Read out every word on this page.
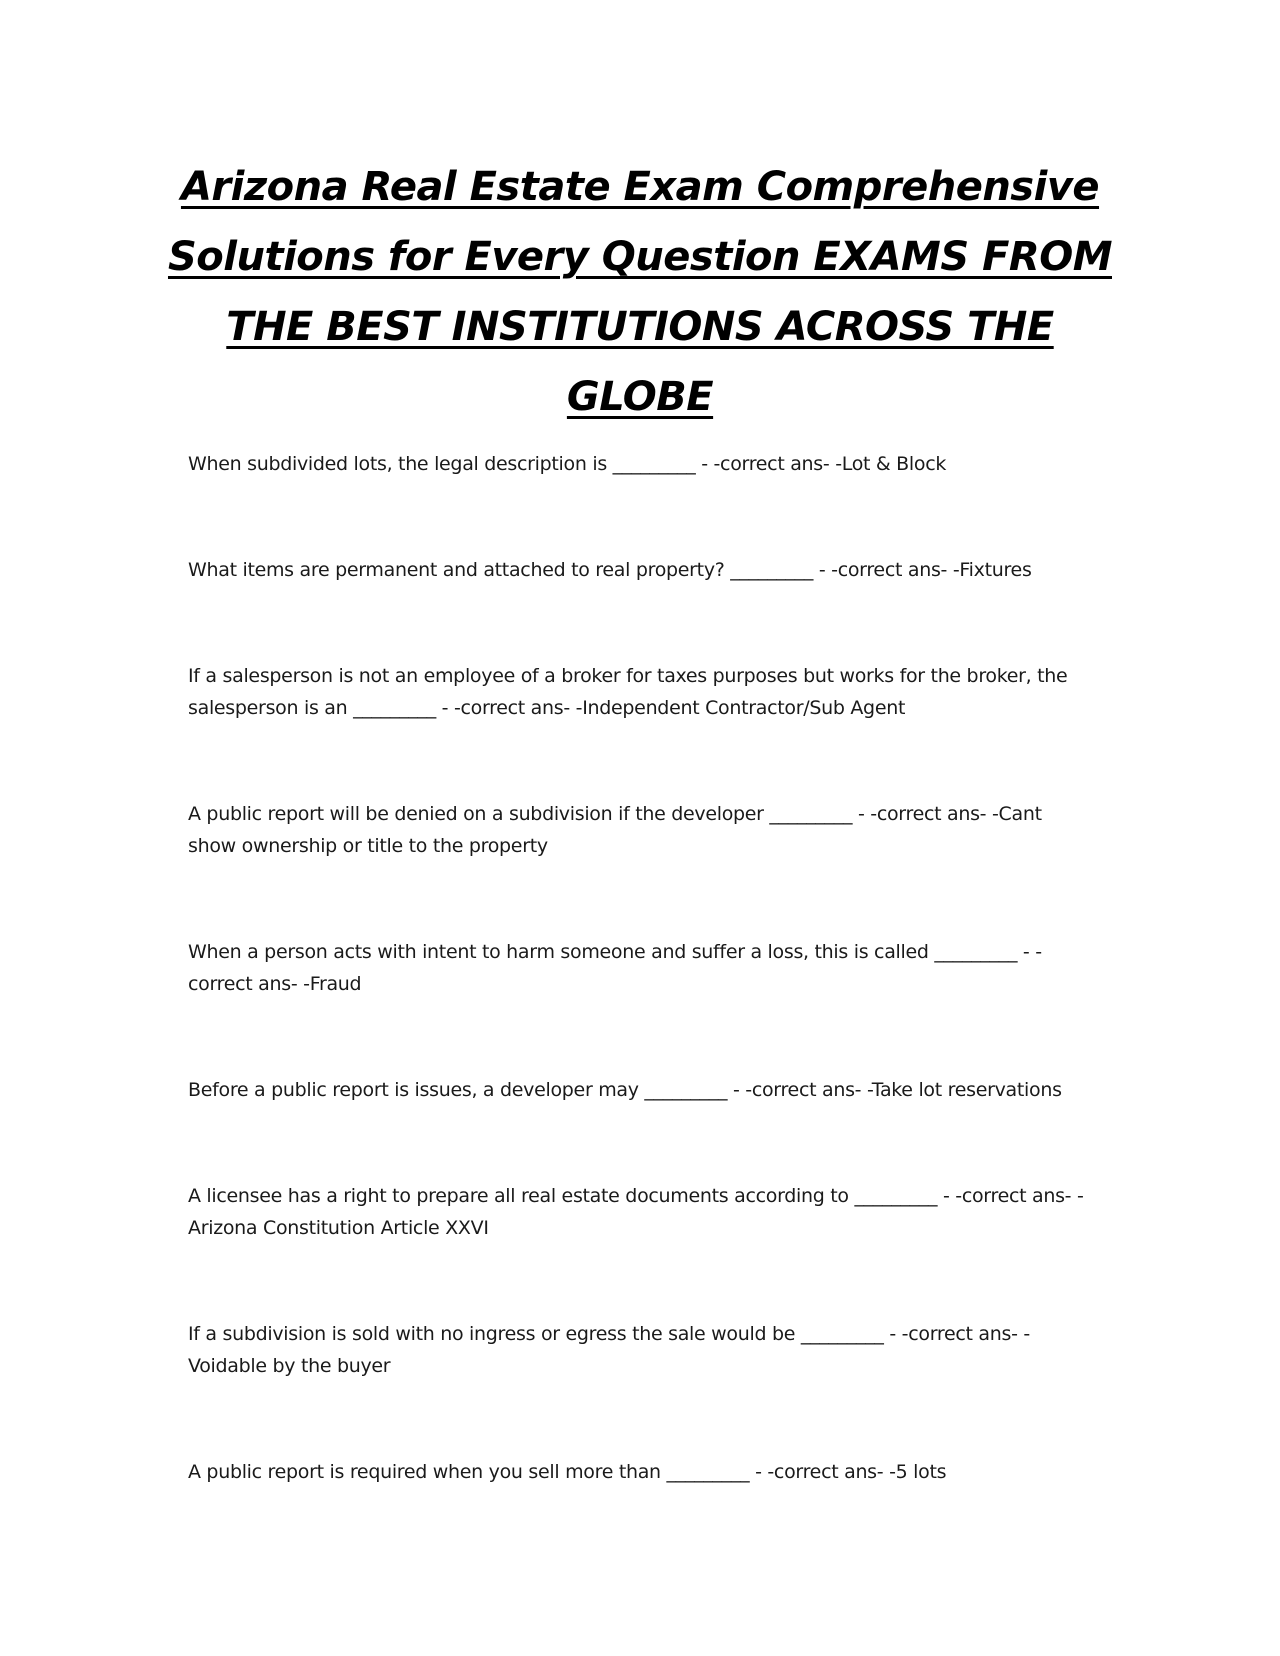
Arizona Real Estate Exam Comprehensive Solutions for Every Question EXAMS FROM THE BEST INSTITUTIONS ACROSS THE GLOBE

When subdivided lots, the legal description is _________ - -correct ans- -Lot & Block

What items are permanent and attached to real property? _________ - -correct ans- -Fixtures

If a salesperson is not an employee of a broker for taxes purposes but works for the broker, the salesperson is an _________ - -correct ans- -Independent Contractor/Sub Agent

A public report will be denied on a subdivision if the developer _________ - -correct ans- -Cant show ownership or title to the property

When a person acts with intent to harm someone and suffer a loss, this is called _________ - -correct ans- -Fraud

Before a public report is issues, a developer may _________ - -correct ans- -Take lot reservations

A licensee has a right to prepare all real estate documents according to _________ - -correct ans- -Arizona Constitution Article XXVI

If a subdivision is sold with no ingress or egress the sale would be _________ - -correct ans- -Voidable by the buyer

A public report is required when you sell more than _________ - -correct ans- -5 lots
